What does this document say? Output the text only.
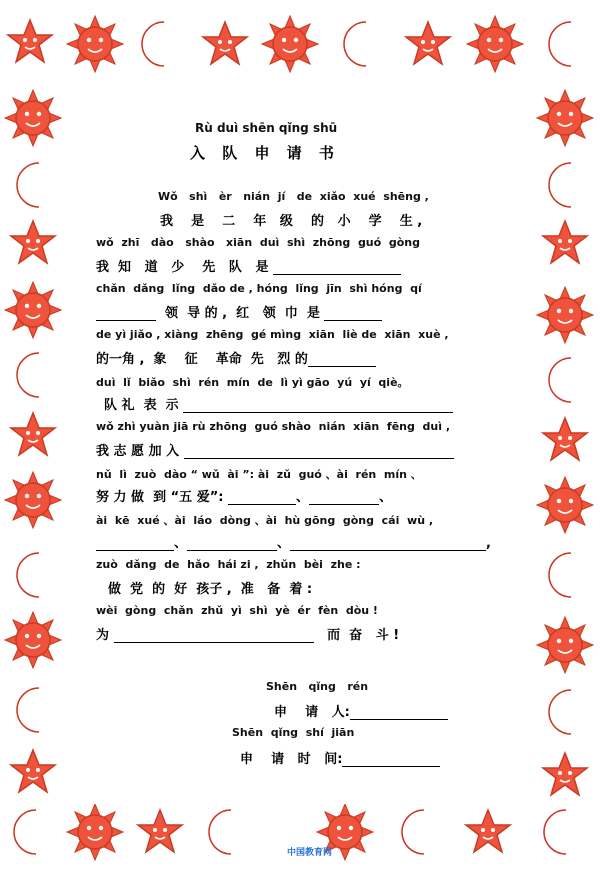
Rù duì shēn qǐng shū
入 队 申 请 书
Wǒ   shì   èr   nián  jí   de  xiǎo  xué  shēng ,
我    是    二    年   级    的   小    学    生 ,
wǒ  zhī   dào   shào   xiān  duì  shì  zhōng  guó  gòng
我  知   道   少    先   队   是
chǎn  dǎng  lǐng  dǎo de , hóng  lǐng  jīn  shì hóng  qí
领  导 的 ,  红   领  巾  是
de yì jiǎo , xiàng  zhēng  gé mìng  xiān  liè de  xiān  xuè ,
的一角 ,  象    征    革命  先   烈 的
duì  lǐ  biǎo  shì  rén  mín  de  lì yì gāo  yú  yí  qiè。
队 礼  表  示
wǒ zhì yuàn jiā rù zhōng  guó shào  nián  xiān  fēng  duì ,
我 志 愿 加 入
nǔ  lì  zuò  dào “ wǔ  ài ”: ài  zǔ  guó 、ài  rén  mín 、
努 力 做  到 “五 爱”:	、	、
ài  kē  xué 、ài  láo  dòng 、ài  hù gōng  gòng  cái  wù ,
、	、	,
zuò  dǎng  de  hǎo  hái zi ,  zhǔn  bèi  zhe :
做  党  的  好  孩子 ,  准   备  着 :
wèi  gòng  chǎn  zhǔ  yì  shì  yè  ér  fèn  dòu !
为	而  奋   斗 !
Shēn   qǐng   rén
申    请   人:
Shēn  qǐng  shí  jiān
申    请   时   间:
中国教育网
